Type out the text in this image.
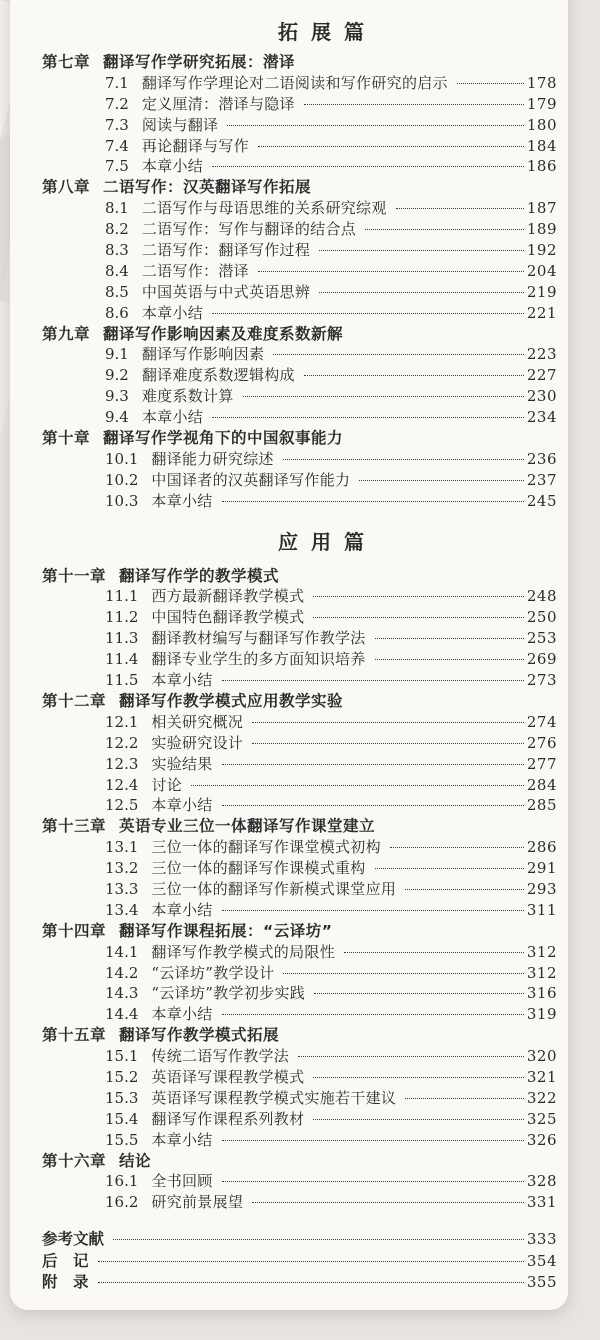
拓展篇
第七章 翻译写作学研究拓展：潜译
7.1 翻译写作学理论对二语阅读和写作研究的启示	178
7.2 定义厘清：潜译与隐译	179
7.3 阅读与翻译	180
7.4 再论翻译与写作	184
7.5 本章小结	186
第八章 二语写作：汉英翻译写作拓展
8.1 二语写作与母语思维的关系研究综观	187
8.2 二语写作：写作与翻译的结合点	189
8.3 二语写作：翻译写作过程	192
8.4 二语写作：潜译	204
8.5 中国英语与中式英语思辨	219
8.6 本章小结	221
第九章 翻译写作影响因素及难度系数新解
9.1 翻译写作影响因素	223
9.2 翻译难度系数逻辑构成	227
9.3 难度系数计算	230
9.4 本章小结	234
第十章 翻译写作学视角下的中国叙事能力
10.1 翻译能力研究综述	236
10.2 中国译者的汉英翻译写作能力	237
10.3 本章小结	245
应用篇
第十一章 翻译写作学的教学模式
11.1 西方最新翻译教学模式	248
11.2 中国特色翻译教学模式	250
11.3 翻译教材编写与翻译写作教学法	253
11.4 翻译专业学生的多方面知识培养	269
11.5 本章小结	273
第十二章 翻译写作教学模式应用教学实验
12.1 相关研究概况	274
12.2 实验研究设计	276
12.3 实验结果	277
12.4 讨论	284
12.5 本章小结	285
第十三章 英语专业三位一体翻译写作课堂建立
13.1 三位一体的翻译写作课堂模式初构	286
13.2 三位一体的翻译写作课模式重构	291
13.3 三位一体的翻译写作新模式课堂应用	293
13.4 本章小结	311
第十四章 翻译写作课程拓展：“云译坊”
14.1 翻译写作教学模式的局限性	312
14.2 “云译坊”教学设计	312
14.3 “云译坊”教学初步实践	316
14.4 本章小结	319
第十五章 翻译写作教学模式拓展
15.1 传统二语写作教学法	320
15.2 英语译写课程教学模式	321
15.3 英语译写课程教学模式实施若干建议	322
15.4 翻译写作课程系列教材	325
15.5 本章小结	326
第十六章 结论
16.1 全书回顾	328
16.2 研究前景展望	331
参考文献	333
后　记	354
附　录	355
